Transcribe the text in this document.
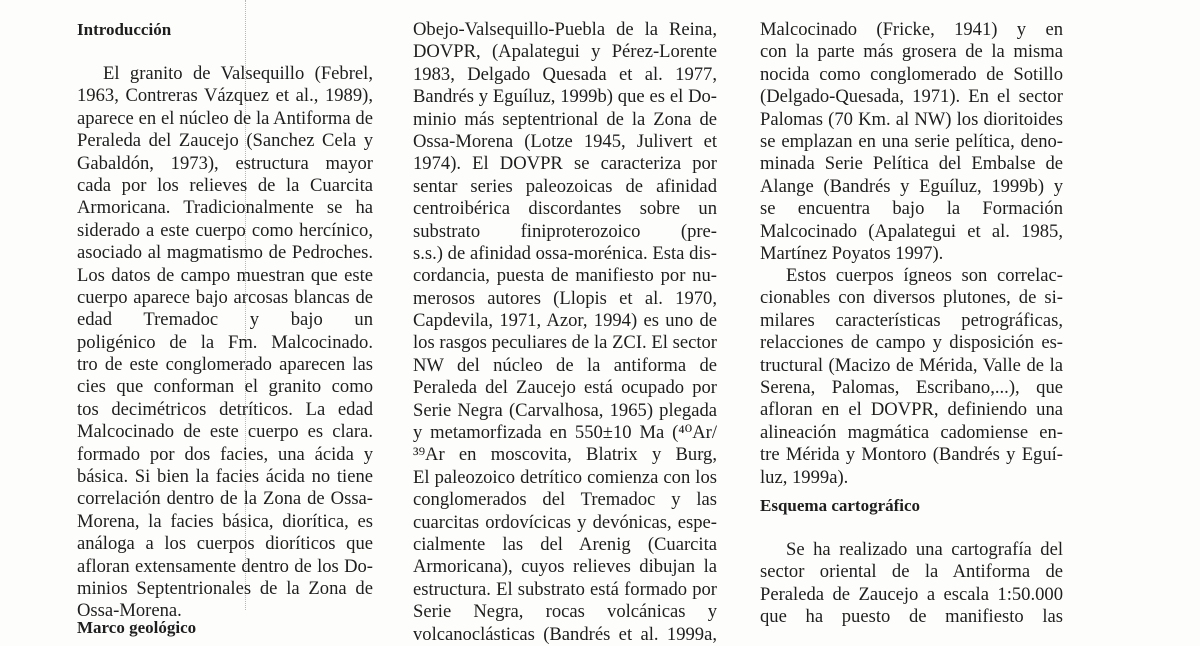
Introducción
El granito de Valsequillo (Febrel,
1963, Contreras Vázquez et al., 1989),
aparece en el núcleo de la Antiforma de
Peraleda del Zaucejo (Sanchez Cela y
Gabaldón, 1973), estructura mayor
cada por los relieves de la Cuarcita
Armoricana. Tradicionalmente se ha
siderado a este cuerpo como hercínico,
asociado al magmatismo de Pedroches.
Los datos de campo muestran que este
cuerpo aparece bajo arcosas blancas de
edad Tremadoc y bajo un
poligénico de la Fm. Malcocinado.
tro de este conglomerado aparecen las
cies que conforman el granito como
tos decimétricos detríticos. La edad
Malcocinado de este cuerpo es clara.
formado por dos facies, una ácida y
básica. Si bien la facies ácida no tiene
correlación dentro de la Zona de Ossa-
Morena, la facies básica, diorítica, es
análoga a los cuerpos dioríticos que
afloran extensamente dentro de los Do-
minios Septentrionales de la Zona de
Ossa-Morena.
Marco geológico
Obejo-Valsequillo-Puebla de la Reina,
DOVPR, (Apalategui y Pérez-Lorente
1983, Delgado Quesada et al. 1977,
Bandrés y Eguíluz, 1999b) que es el Do-
minio más septentrional de la Zona de
Ossa-Morena (Lotze 1945, Julivert et
1974). El DOVPR se caracteriza por
sentar series paleozoicas de afinidad
centroibérica discordantes sobre un
substrato finiproterozoico (pre-
s.s.) de afinidad ossa-morénica. Esta dis-
cordancia, puesta de manifiesto por nu-
merosos autores (Llopis et al. 1970,
Capdevila, 1971, Azor, 1994) es uno de
los rasgos peculiares de la ZCI. El sector
NW del núcleo de la antiforma de
Peraleda del Zaucejo está ocupado por
Serie Negra (Carvalhosa, 1965) plegada
y metamorfizada en 550±10 Ma (⁴⁰Ar/
³⁹Ar en moscovita, Blatrix y Burg,
El paleozoico detrítico comienza con los
conglomerados del Tremadoc y las
cuarcitas ordovícicas y devónicas, espe-
cialmente las del Arenig (Cuarcita
Armoricana), cuyos relieves dibujan la
estructura. El substrato está formado por
Serie Negra, rocas volcánicas y
volcanoclásticas (Bandrés et al. 1999a,
Malcocinado (Fricke, 1941) y en
con la parte más grosera de la misma
nocida como conglomerado de Sotillo
(Delgado-Quesada, 1971). En el sector
Palomas (70 Km. al NW) los dioritoides
se emplazan en una serie pelítica, deno-
minada Serie Pelítica del Embalse de
Alange (Bandrés y Eguíluz, 1999b) y
se encuentra bajo la Formación
Malcocinado (Apalategui et al. 1985,
Martínez Poyatos 1997).
Estos cuerpos ígneos son correlac-
cionables con diversos plutones, de si-
milares características petrográficas,
relacciones de campo y disposición es-
tructural (Macizo de Mérida, Valle de la
Serena, Palomas, Escribano,...), que
afloran en el DOVPR, definiendo una
alineación magmática cadomiense en-
tre Mérida y Montoro (Bandrés y Eguí-
luz, 1999a).
Esquema cartográfico
Se ha realizado una cartografía del
sector oriental de la Antiforma de
Peraleda de Zaucejo a escala 1:50.000
que ha puesto de manifiesto las
